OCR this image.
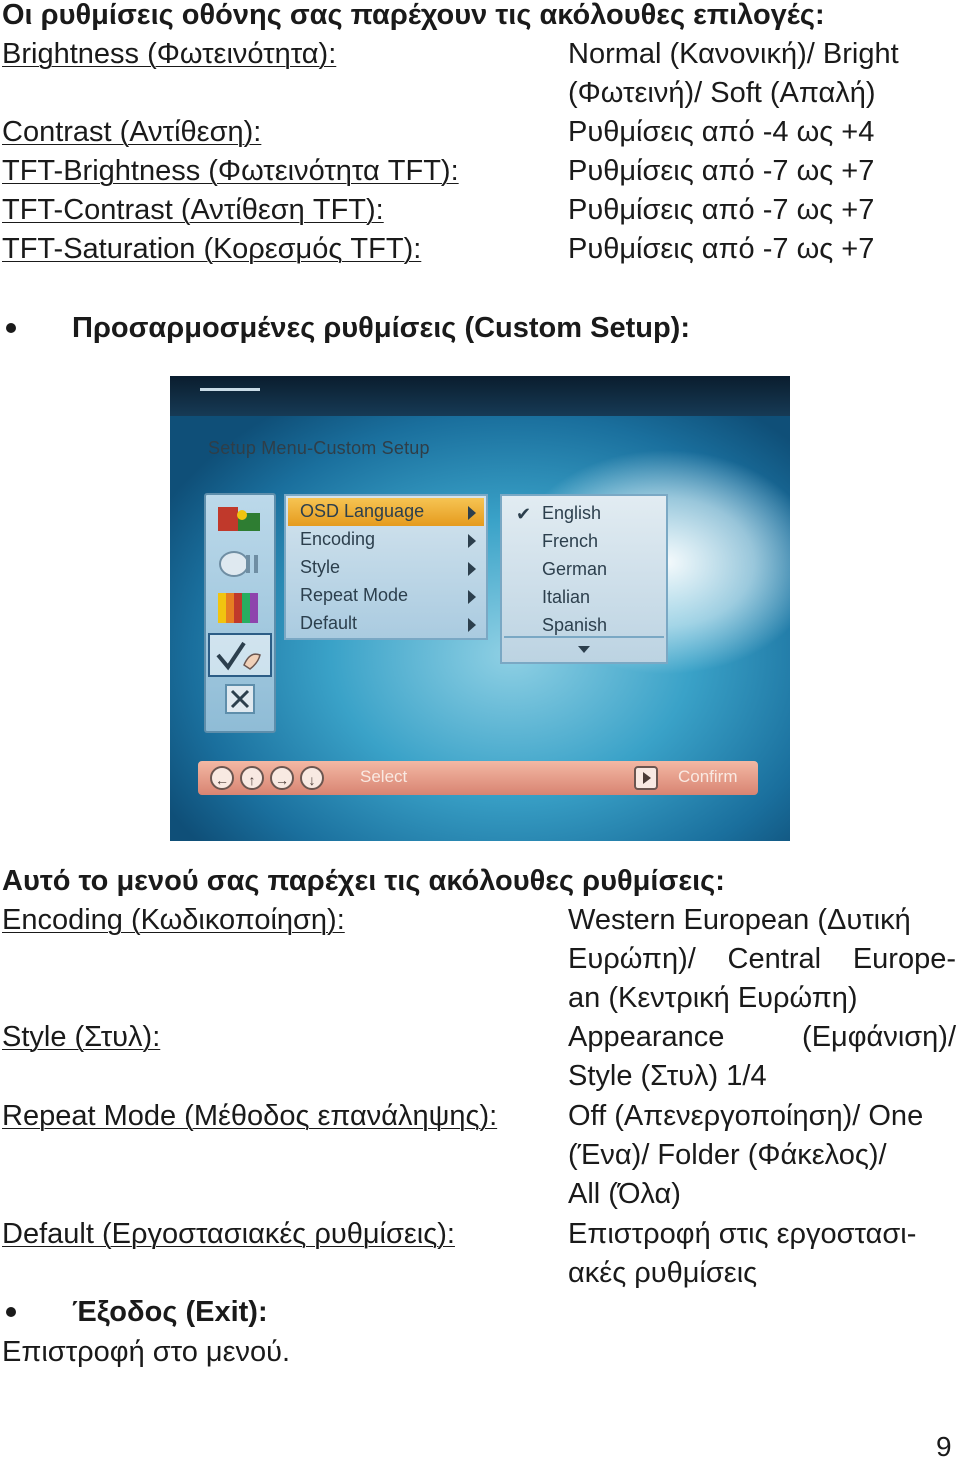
Οι ρυθμίσεις οθόνης σας παρέχουν τις ακόλουθες επιλογές:
Brightness (Φωτεινότητα):	Normal (Κανονική)/ Bright
(Φωτεινή)/ Soft (Απαλή)
Contrast (Αντίθεση):	Ρυθμίσεις από -4 ως +4
TFT-Brightness (Φωτεινότητα TFT):	Ρυθμίσεις από -7 ως +7
TFT-Contrast (Αντίθεση TFT):	Ρυθμίσεις από -7 ως +7
TFT-Saturation (Κορεσμός TFT):	Ρυθμίσεις από -7 ως +7
Προσαρμοσμένες ρυθμίσεις (Custom Setup):
Setup Menu-Custom Setup
OSD Language
Encoding
Style
Repeat Mode
Default
✔ English
French
German
Italian
Spanish
←	↑	→	↓	Select	Confirm
Αυτό το μενού σας παρέχει τις ακόλουθες ρυθμίσεις:
Encoding (Κωδικοποίηση):	Western European (Δυτική
Ευρώπη)/ Central Europe-
an (Κεντρική Ευρώπη)
Style (Στυλ):	Appearance (Εμφάνιση)/
Style (Στυλ) 1/4
Repeat Mode (Μέθοδος επανάληψης): Off (Απενεργοποίηση)/ One
(Ένα)/ Folder (Φάκελος)/
All (Όλα)
Default (Εργοστασιακές ρυθμίσεις):	Επιστροφή στις εργοστασι-
ακές ρυθμίσεις
Έξοδος (Exit):
Επιστροφή στο μενού.
9
